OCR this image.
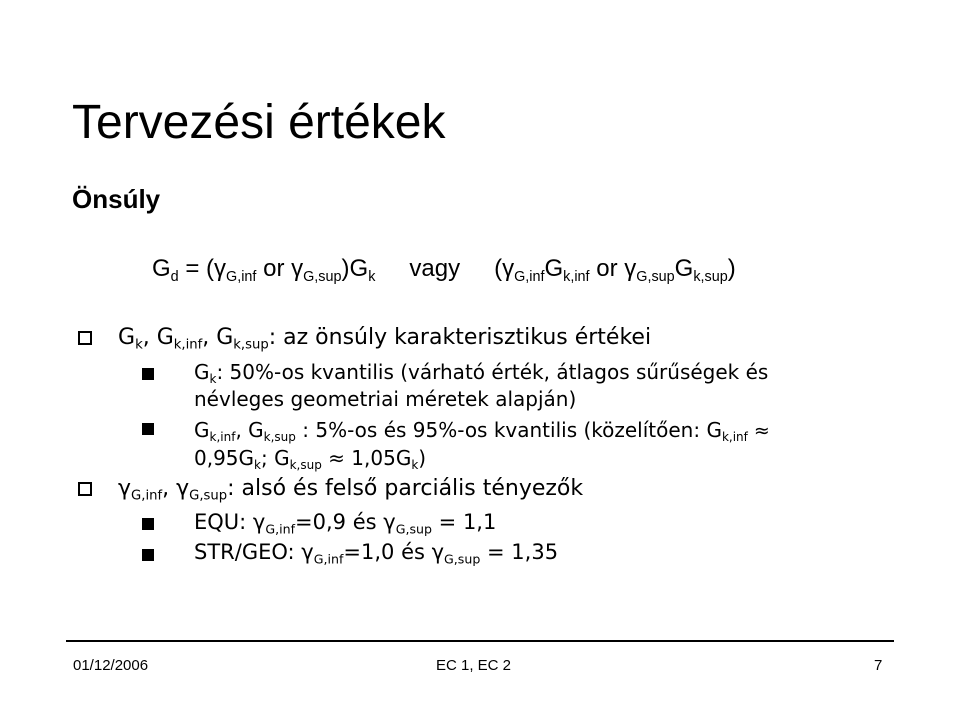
Tervezési értékek
Önsúly
$G_d = (\gamma_{G,inf}$ or $\gamma_{G,sup})G_k$ vagy ($\gamma_{G,inf}G_{k,inf}$ or $\gamma_{G,sup}G_{k,sup}$)
$G_k$, $G_{k,inf}$, $G_{k,sup}$: az önsúly karakterisztikus értékei
$G_k$: 50%-os kvantilis (várható érték, átlagos sűrűségek és
névleges geometriai méretek alapján)
$G_{k,inf}$, $G_{k,sup}$ : 5%-os és 95%-os kvantilis (közelítően: $G_{k,inf}$ ≈
$0,95G_k$; $G_{k,sup} \approx 1,05G_k$)
$\gamma_{G,inf}$, $\gamma_{G,sup}$: alsó és felső parciális tényezők
EQU: $\gamma_{G,inf}=0,9$ és $\gamma_{G,sup} = 1,1$
STR/GEO: $\gamma_{G,inf}=1,0$ és $\gamma_{G,sup} = 1,35$
01/12/2006	EC 1, EC 2	7
